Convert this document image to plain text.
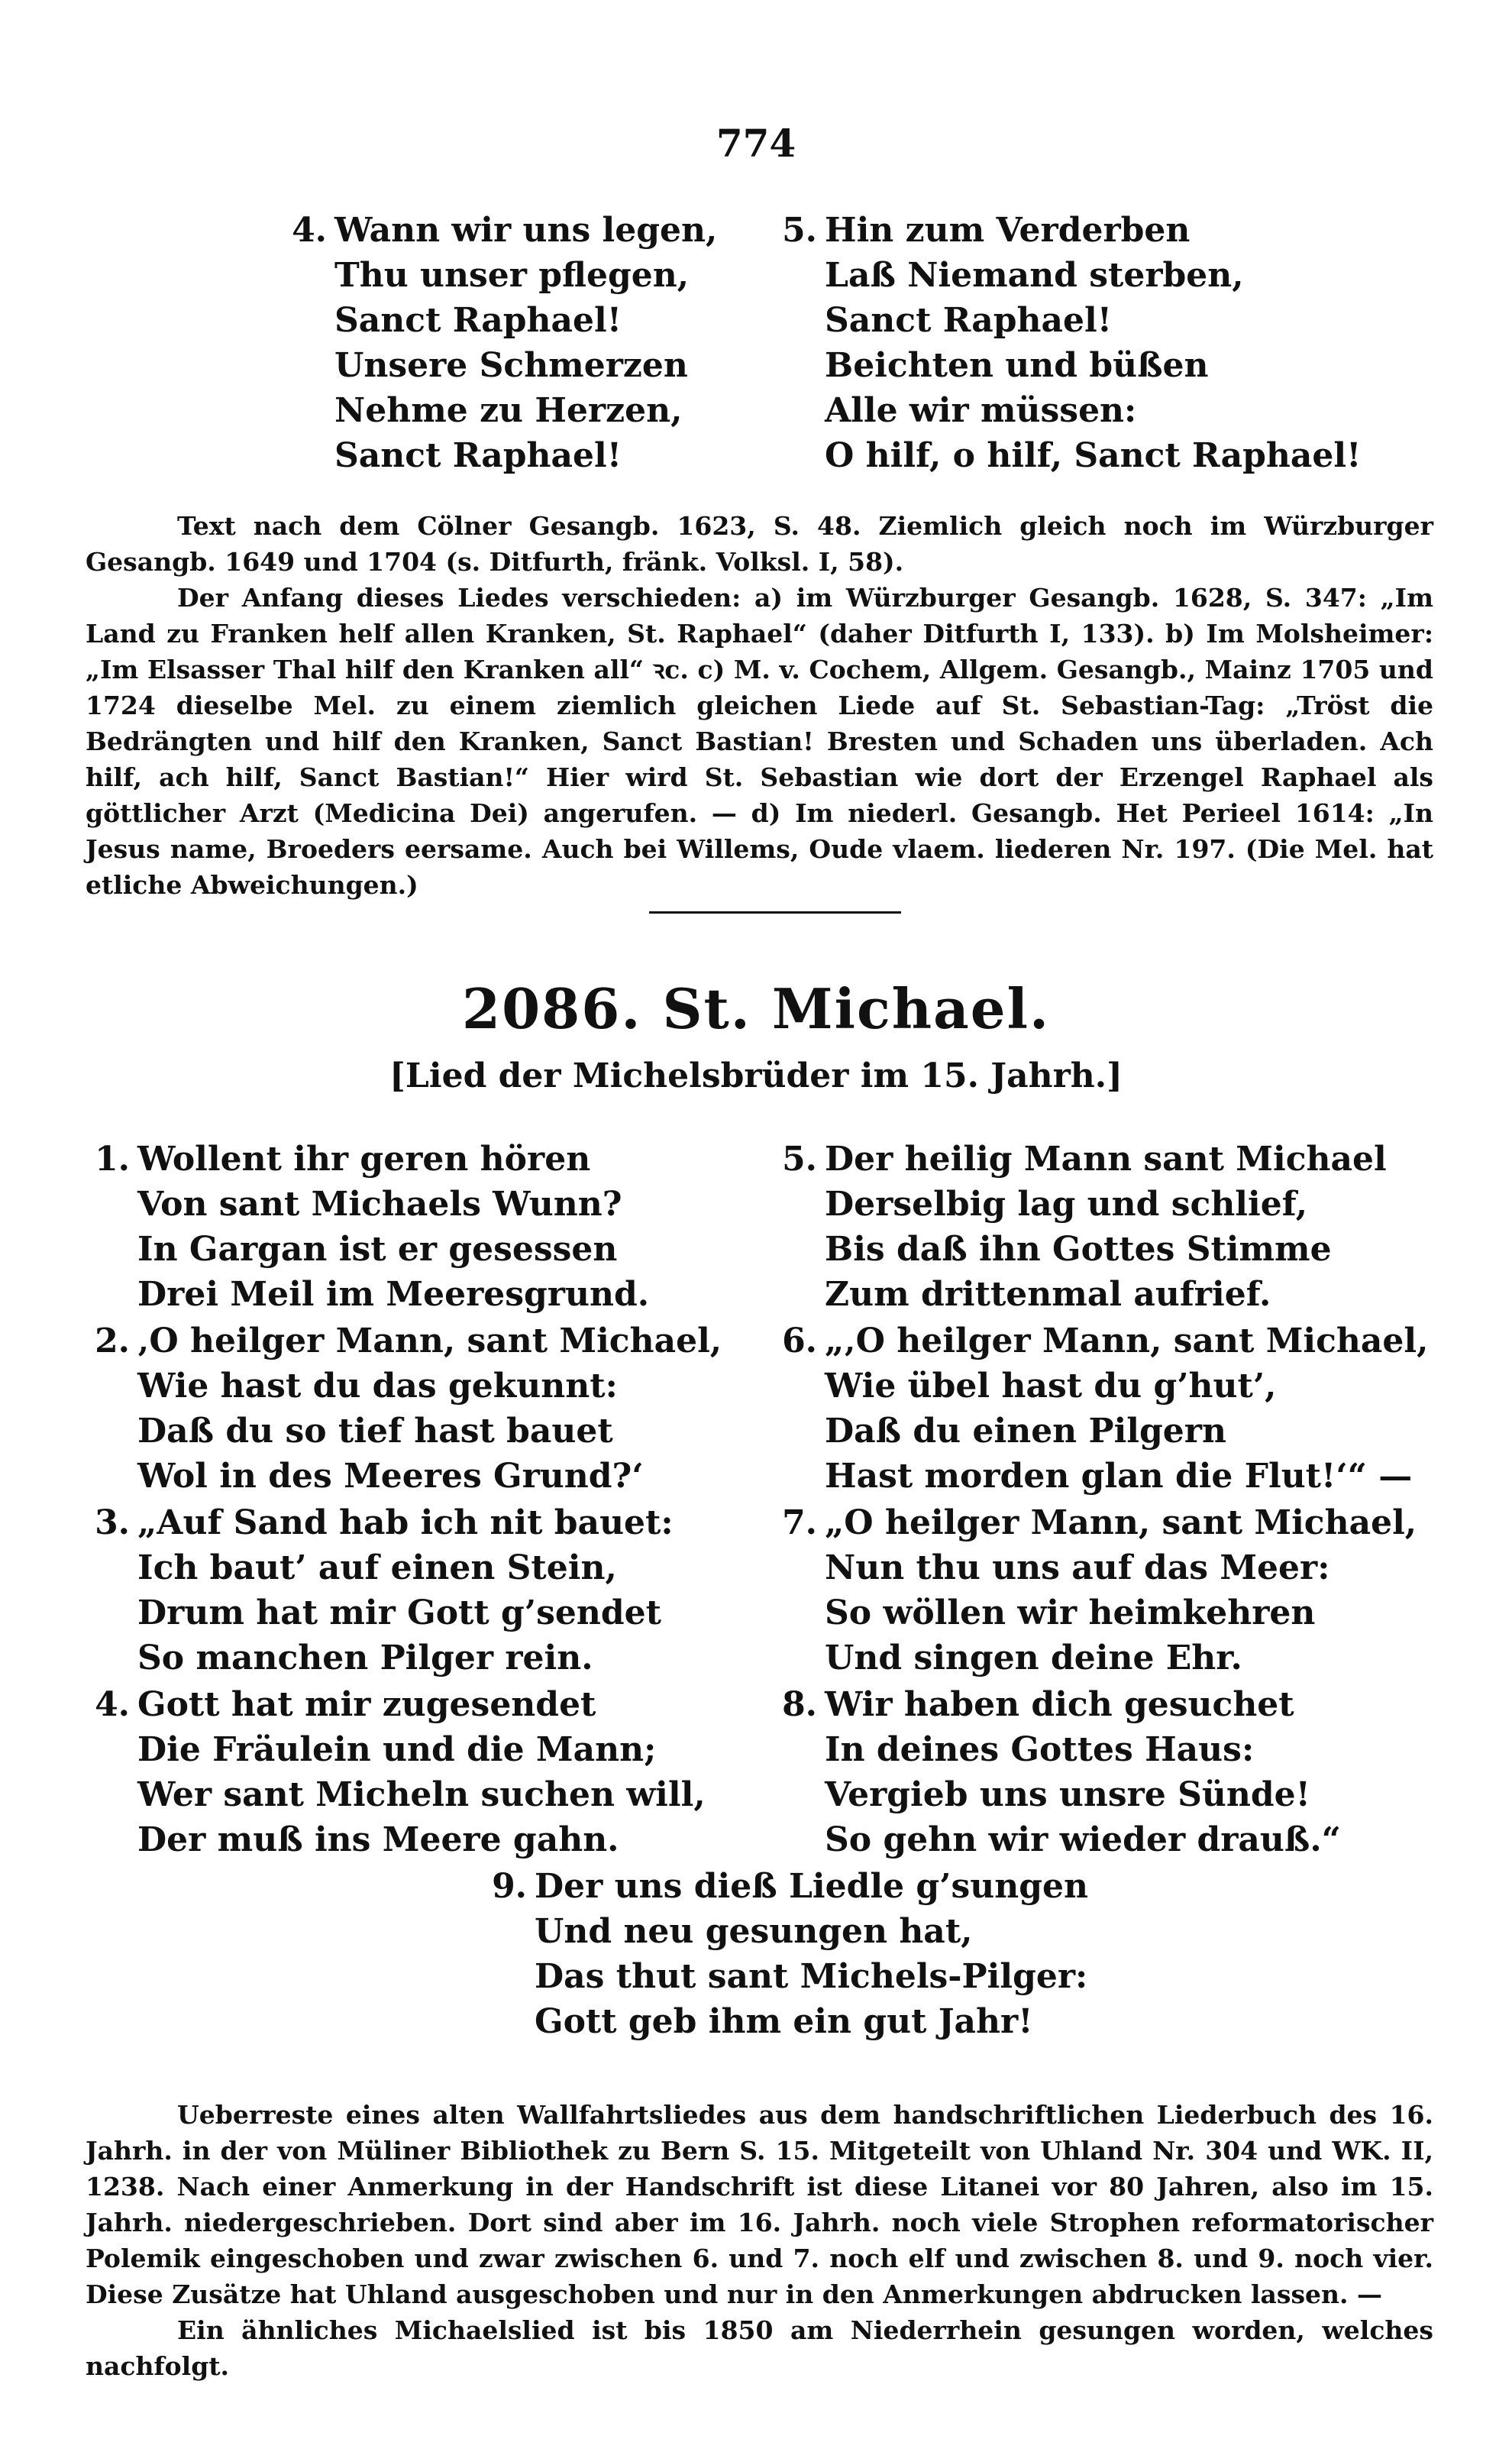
774
4. Wann wir uns legen,
Thu unser pflegen,
Sanct Raphael!
Unsere Schmerzen
Nehme zu Herzen,
Sanct Raphael!
5. Hin zum Verderben
Laß Niemand sterben,
Sanct Raphael!
Beichten und büßen
Alle wir müssen:
O hilf, o hilf, Sanct Raphael!

Text nach dem Cölner Gesangb. 1623, S. 48. Ziemlich gleich noch im Würzburger Gesangb. 1649 und 1704 (s. Ditfurth, fränk. Volksl. I, 58).

Der Anfang dieses Liedes verschieden: a) im Würzburger Gesangb. 1628, S. 347: „Im Land zu Franken helf allen Kranken, St. Raphael“ (daher Ditfurth I, 133). b) Im Molsheimer: „Im Elsasser Thal hilf den Kranken all“ ꝛc. c) M. v. Cochem, Allgem. Gesangb., Mainz 1705 und 1724 dieselbe Mel. zu einem ziemlich gleichen Liede auf St. Sebastian-Tag: „Tröst die Bedrängten und hilf den Kranken, Sanct Bastian! Bresten und Schaden uns überladen. Ach hilf, ach hilf, Sanct Bastian!“ Hier wird St. Sebastian wie dort der Erzengel Raphael als göttlicher Arzt (Medicina Dei) angerufen. — d) Im niederl. Gesangb. Het Perieel 1614: „In Jesus name, Broeders eersame. Auch bei Willems, Oude vlaem. liederen Nr. 197. (Die Mel. hat etliche Abweichungen.)

2086. St. Michael.
[Lied der Michelsbrüder im 15. Jahrh.]
1. Wollent ihr geren hören
Von sant Michaels Wunn?
In Gargan ist er gesessen
Drei Meil im Meeresgrund.
2. ‚O heilger Mann, sant Michael,
Wie hast du das gekunnt:
Daß du so tief hast bauet
Wol in des Meeres Grund?‘
3. „Auf Sand hab ich nit bauet:
Ich baut’ auf einen Stein,
Drum hat mir Gott g’sendet
So manchen Pilger rein.
4. Gott hat mir zugesendet
Die Fräulein und die Mann;
Wer sant Micheln suchen will,
Der muß ins Meere gahn.
5. Der heilig Mann sant Michael
Derselbig lag und schlief,
Bis daß ihn Gottes Stimme
Zum drittenmal aufrief.
6. „‚O heilger Mann, sant Michael,
Wie übel hast du g’hut’,
Daß du einen Pilgern
Hast morden glan die Flut!‘“ —
7. „O heilger Mann, sant Michael,
Nun thu uns auf das Meer:
So wöllen wir heimkehren
Und singen deine Ehr.
8. Wir haben dich gesuchet
In deines Gottes Haus:
Vergieb uns unsre Sünde!
So gehn wir wieder drauß.“
9. Der uns dieß Liedle g’sungen
Und neu gesungen hat,
Das thut sant Michels-Pilger:
Gott geb ihm ein gut Jahr!

Ueberreste eines alten Wallfahrtsliedes aus dem handschriftlichen Liederbuch des 16. Jahrh. in der von Müliner Bibliothek zu Bern S. 15. Mitgeteilt von Uhland Nr. 304 und WK. II, 1238. Nach einer Anmerkung in der Handschrift ist diese Litanei vor 80 Jahren, also im 15. Jahrh. niedergeschrieben. Dort sind aber im 16. Jahrh. noch viele Strophen reformatorischer Polemik eingeschoben und zwar zwischen 6. und 7. noch elf und zwischen 8. und 9. noch vier. Diese Zusätze hat Uhland ausgeschoben und nur in den Anmerkungen abdrucken lassen. —

Ein ähnliches Michaelslied ist bis 1850 am Niederrhein gesungen worden, welches nachfolgt.
